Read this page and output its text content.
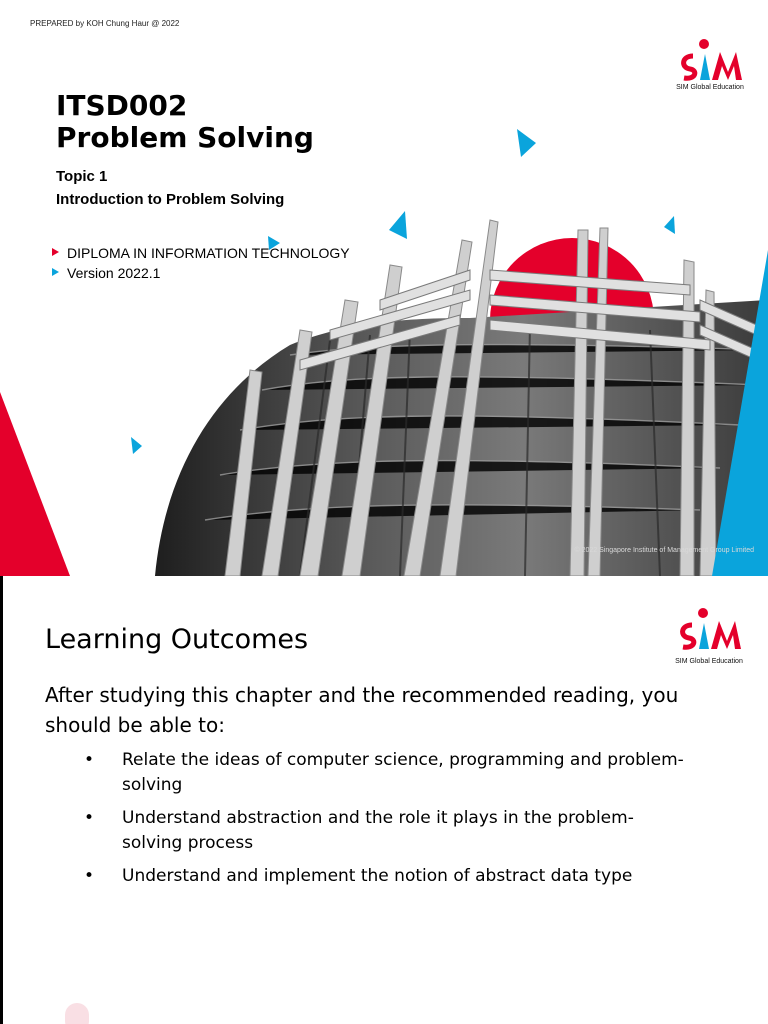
PREPARED by KOH Chung Haur @ 2022
SIM Global Education
ITSD002
Problem Solving
Topic 1
Introduction to Problem Solving
DIPLOMA IN INFORMATION TECHNOLOGY
Version 2022.1
© 2022 Singapore Institute of Management Group Limited
SIM Global Education
Learning Outcomes

After studying this chapter and the recommended reading, you should be able to:

• Relate the ideas of computer science, programming and problem-solving
• Understand abstraction and the role it plays in the problem-solving process
• Understand and implement the notion of abstract data type
